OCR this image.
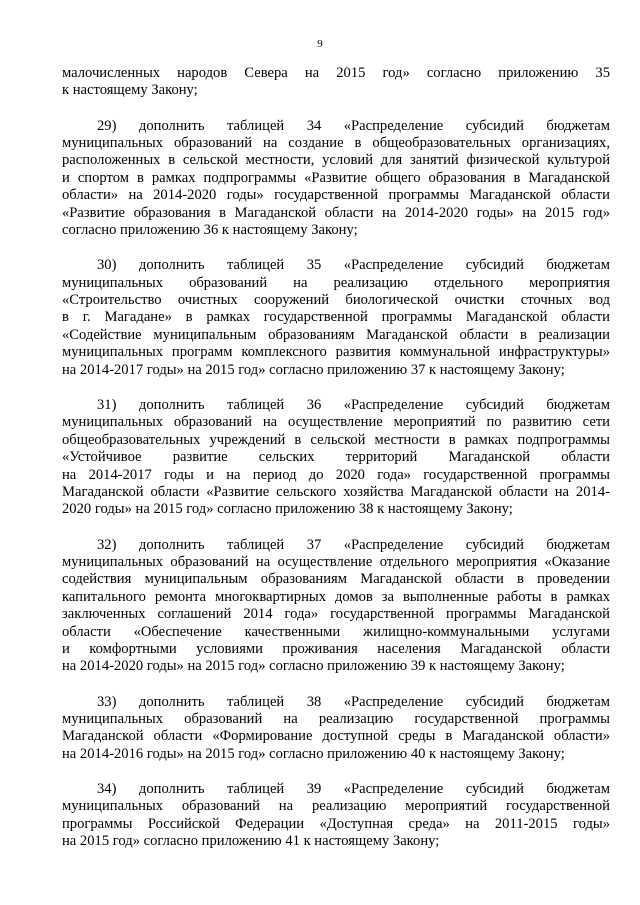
9

малочисленных народов Севера на 2015 год» согласно приложению 35
к настоящему Закону;

29) дополнить таблицей 34 «Распределение субсидий бюджетам
муниципальных образований на создание в общеобразовательных организациях,
расположенных в сельской местности, условий для занятий физической культурой
и спортом в рамках подпрограммы «Развитие общего образования в Магаданской
области» на 2014-2020 годы» государственной программы Магаданской области
«Развитие образования в Магаданской области на 2014-2020 годы» на 2015 год»
согласно приложению 36 к настоящему Закону;

30) дополнить таблицей 35 «Распределение субсидий бюджетам
муниципальных образований на реализацию отдельного мероприятия
«Строительство очистных сооружений биологической очистки сточных вод
в г. Магадане» в рамках государственной программы Магаданской области
«Содействие муниципальным образованиям Магаданской области в реализации
муниципальных программ комплексного развития коммунальной инфраструктуры»
на 2014-2017 годы» на 2015 год» согласно приложению 37 к настоящему Закону;

31) дополнить таблицей 36 «Распределение субсидий бюджетам
муниципальных образований на осуществление мероприятий по развитию сети
общеобразовательных учреждений в сельской местности в рамках подпрограммы
«Устойчивое развитие сельских территорий Магаданской области
на 2014-2017 годы и на период до 2020 года» государственной программы
Магаданской области «Развитие сельского хозяйства Магаданской области на 2014-
2020 годы» на 2015 год» согласно приложению 38 к настоящему Закону;

32) дополнить таблицей 37 «Распределение субсидий бюджетам
муниципальных образований на осуществление отдельного мероприятия «Оказание
содействия муниципальным образованиям Магаданской области в проведении
капитального ремонта многоквартирных домов за выполненные работы в рамках
заключенных соглашений 2014 года» государственной программы Магаданской
области «Обеспечение качественными жилищно-коммунальными услугами
и комфортными условиями проживания населения Магаданской области
на 2014-2020 годы» на 2015 год» согласно приложению 39 к настоящему Закону;

33) дополнить таблицей 38 «Распределение субсидий бюджетам
муниципальных образований на реализацию государственной программы
Магаданской области «Формирование доступной среды в Магаданской области»
на 2014-2016 годы» на 2015 год» согласно приложению 40 к настоящему Закону;

34) дополнить таблицей 39 «Распределение субсидий бюджетам
муниципальных образований на реализацию мероприятий государственной
программы Российской Федерации «Доступная среда» на 2011-2015 годы»
на 2015 год» согласно приложению 41 к настоящему Закону;
